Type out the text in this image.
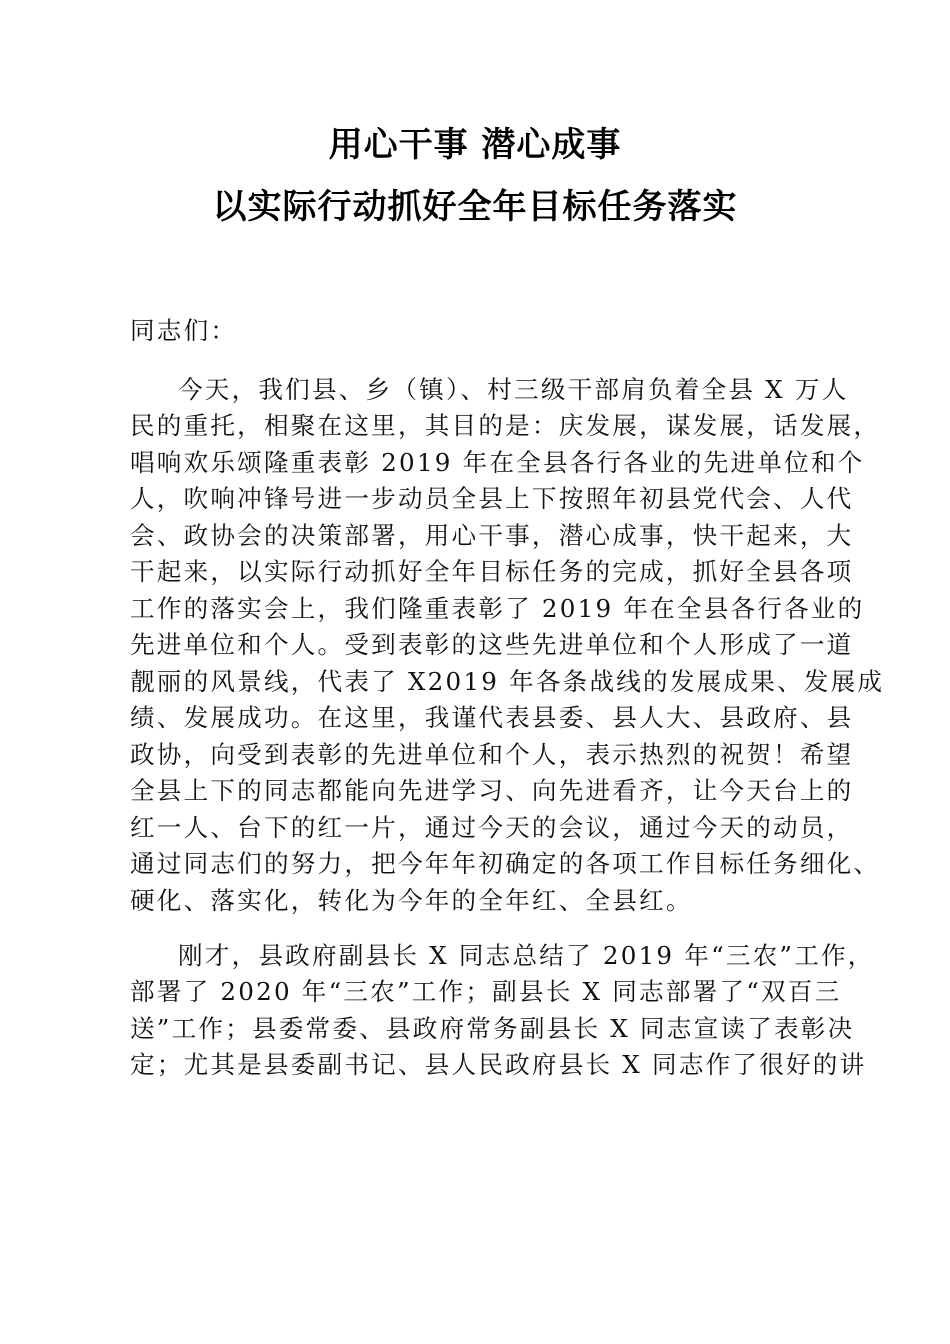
用心干事 潜心成事
以实际行动抓好全年目标任务落实
同志们：
今天，我们县、乡（镇）、村三级干部肩负着全县 X 万人
民的重托，相聚在这里，其目的是：庆发展，谋发展，话发展，
唱响欢乐颂隆重表彰 2019 年在全县各行各业的先进单位和个
人，吹响冲锋号进一步动员全县上下按照年初县党代会、人代
会、政协会的决策部署，用心干事，潜心成事，快干起来，大
干起来，以实际行动抓好全年目标任务的完成，抓好全县各项
工作的落实会上，我们隆重表彰了 2019 年在全县各行各业的
先进单位和个人。受到表彰的这些先进单位和个人形成了一道
靓丽的风景线，代表了 X2019 年各条战线的发展成果、发展成
绩、发展成功。在这里，我谨代表县委、县人大、县政府、县
政协，向受到表彰的先进单位和个人，表示热烈的祝贺！希望
全县上下的同志都能向先进学习、向先进看齐，让今天台上的
红一人、台下的红一片，通过今天的会议，通过今天的动员，
通过同志们的努力，把今年年初确定的各项工作目标任务细化、
硬化、落实化，转化为今年的全年红、全县红。
刚才，县政府副县长 X 同志总结了 2019 年“三农”工作，
部署了 2020 年“三农”工作；副县长 X 同志部署了“双百三
送”工作；县委常委、县政府常务副县长 X 同志宣读了表彰决
定；尤其是县委副书记、县人民政府县长 X 同志作了很好的讲
